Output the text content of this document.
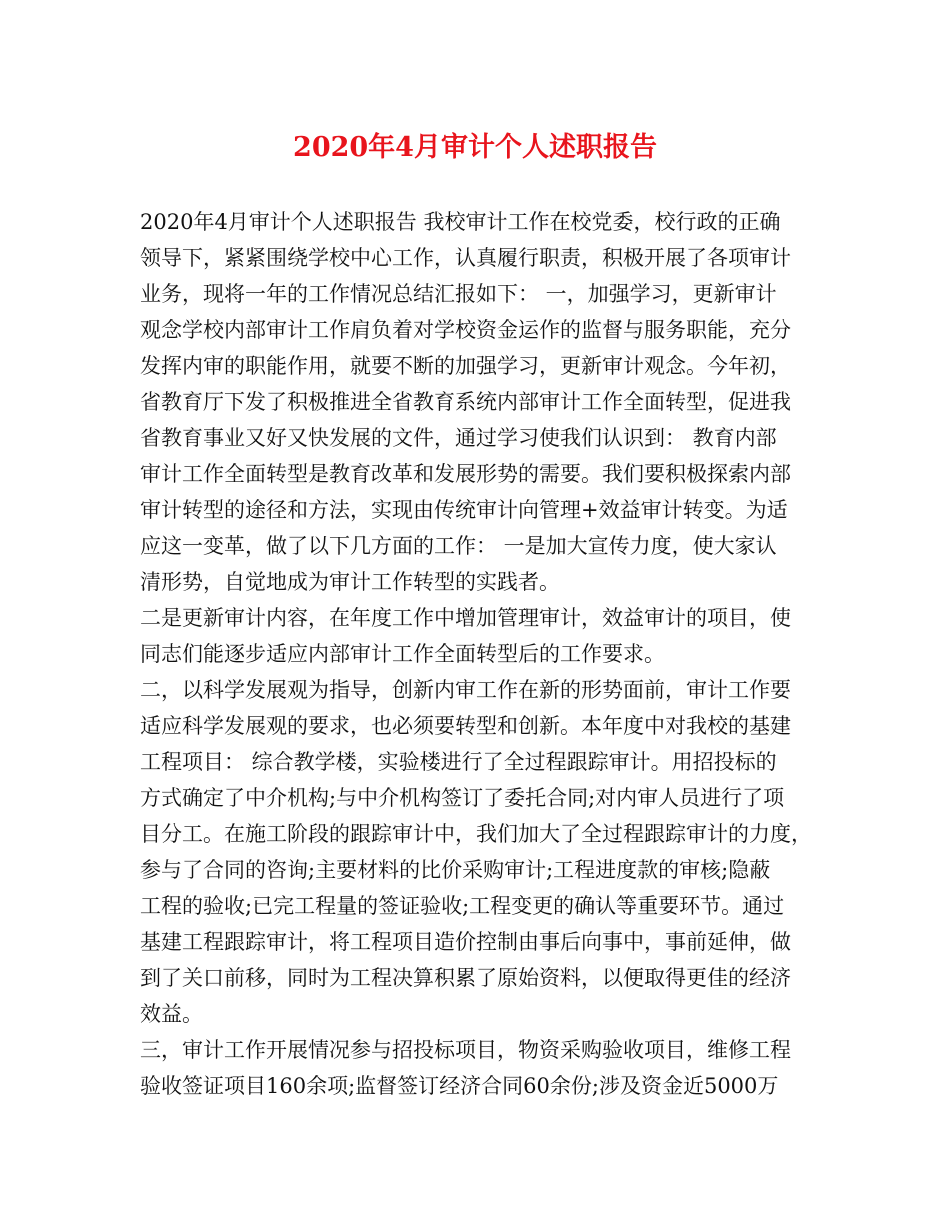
2020年4月审计个人述职报告
2020年4月审计个人述职报告 我校审计工作在校党委，校行政的正确
领导下，紧紧围绕学校中心工作，认真履行职责，积极开展了各项审计
业务，现将一年的工作情况总结汇报如下： 一，加强学习，更新审计
观念学校内部审计工作肩负着对学校资金运作的监督与服务职能，充分
发挥内审的职能作用，就要不断的加强学习，更新审计观念。今年初，
省教育厅下发了积极推进全省教育系统内部审计工作全面转型，促进我
省教育事业又好又快发展的文件，通过学习使我们认识到： 教育内部
审计工作全面转型是教育改革和发展形势的需要。我们要积极探索内部
审计转型的途径和方法，实现由传统审计向管理+效益审计转变。为适
应这一变革，做了以下几方面的工作： 一是加大宣传力度，使大家认
清形势，自觉地成为审计工作转型的实践者。
二是更新审计内容，在年度工作中增加管理审计，效益审计的项目，使
同志们能逐步适应内部审计工作全面转型后的工作要求。
二，以科学发展观为指导，创新内审工作在新的形势面前，审计工作要
适应科学发展观的要求，也必须要转型和创新。本年度中对我校的基建
工程项目： 综合教学楼，实验楼进行了全过程跟踪审计。用招投标的
方式确定了中介机构;与中介机构签订了委托合同;对内审人员进行了项
目分工。在施工阶段的跟踪审计中，我们加大了全过程跟踪审计的力度，
参与了合同的咨询;主要材料的比价采购审计;工程进度款的审核;隐蔽
工程的验收;已完工程量的签证验收;工程变更的确认等重要环节。通过
基建工程跟踪审计，将工程项目造价控制由事后向事中，事前延伸，做
到了关口前移，同时为工程决算积累了原始资料，以便取得更佳的经济
效益。
三，审计工作开展情况参与招投标项目，物资采购验收项目，维修工程
验收签证项目160余项;监督签订经济合同60余份;涉及资金近5000万
